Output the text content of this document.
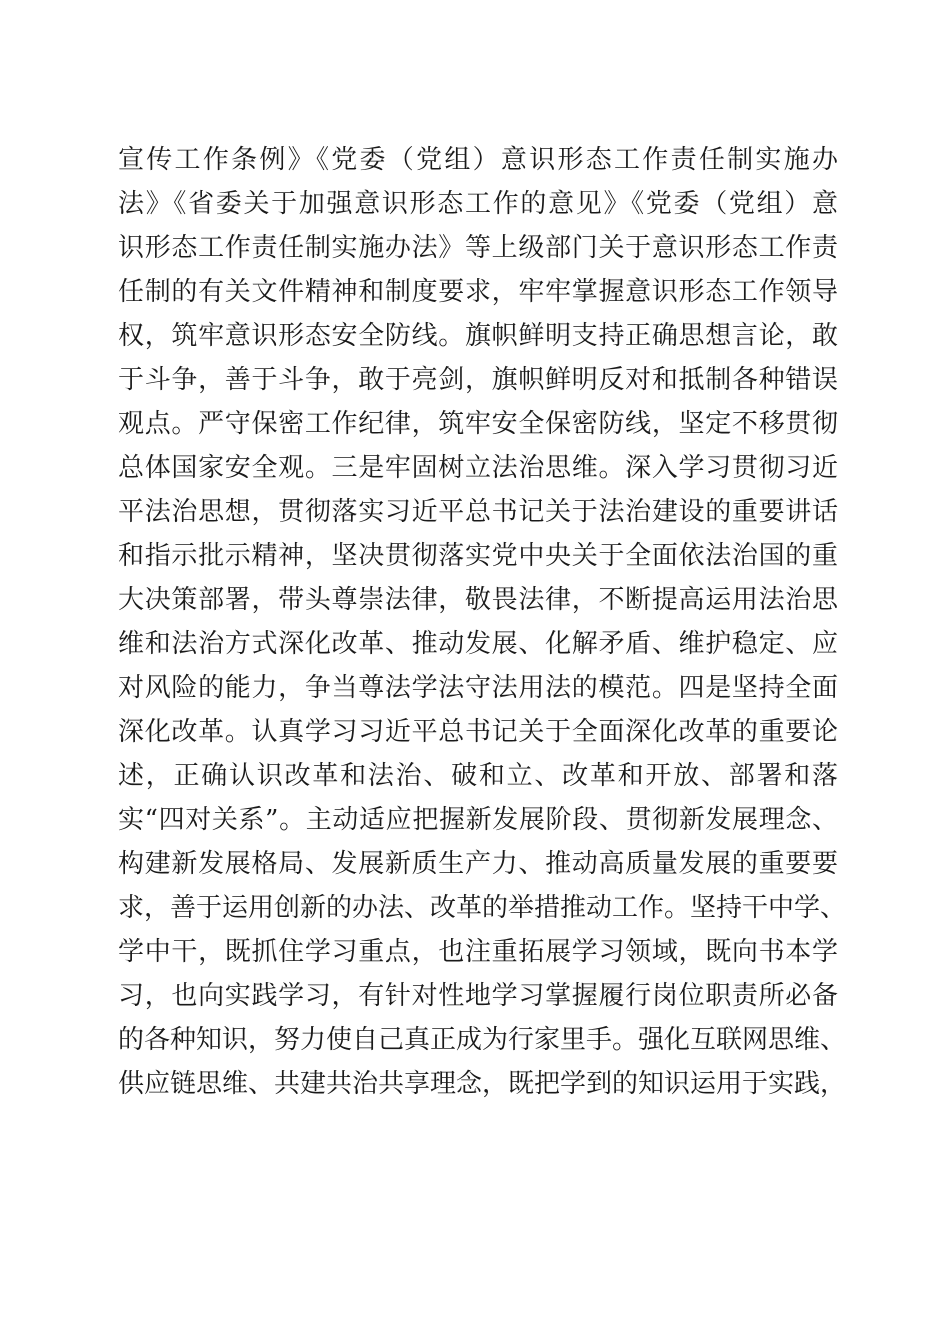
宣传工作条例》《党委（党组）意识形态工作责任制实施办
法》《省委关于加强意识形态工作的意见》《党委（党组）意
识形态工作责任制实施办法》等上级部门关于意识形态工作责
任制的有关文件精神和制度要求，牢牢掌握意识形态工作领导
权，筑牢意识形态安全防线。旗帜鲜明支持正确思想言论，敢
于斗争，善于斗争，敢于亮剑，旗帜鲜明反对和抵制各种错误
观点。严守保密工作纪律，筑牢安全保密防线，坚定不移贯彻
总体国家安全观。三是牢固树立法治思维。深入学习贯彻习近
平法治思想，贯彻落实习近平总书记关于法治建设的重要讲话
和指示批示精神，坚决贯彻落实党中央关于全面依法治国的重
大决策部署，带头尊崇法律，敬畏法律，不断提高运用法治思
维和法治方式深化改革、推动发展、化解矛盾、维护稳定、应
对风险的能力，争当尊法学法守法用法的模范。四是坚持全面
深化改革。认真学习习近平总书记关于全面深化改革的重要论
述，正确认识改革和法治、破和立、改革和开放、部署和落
实“四对关系”。主动适应把握新发展阶段、贯彻新发展理念、
构建新发展格局、发展新质生产力、推动高质量发展的重要要
求，善于运用创新的办法、改革的举措推动工作。坚持干中学、
学中干，既抓住学习重点，也注重拓展学习领域，既向书本学
习，也向实践学习，有针对性地学习掌握履行岗位职责所必备
的各种知识，努力使自己真正成为行家里手。强化互联网思维、
供应链思维、共建共治共享理念，既把学到的知识运用于实践，
